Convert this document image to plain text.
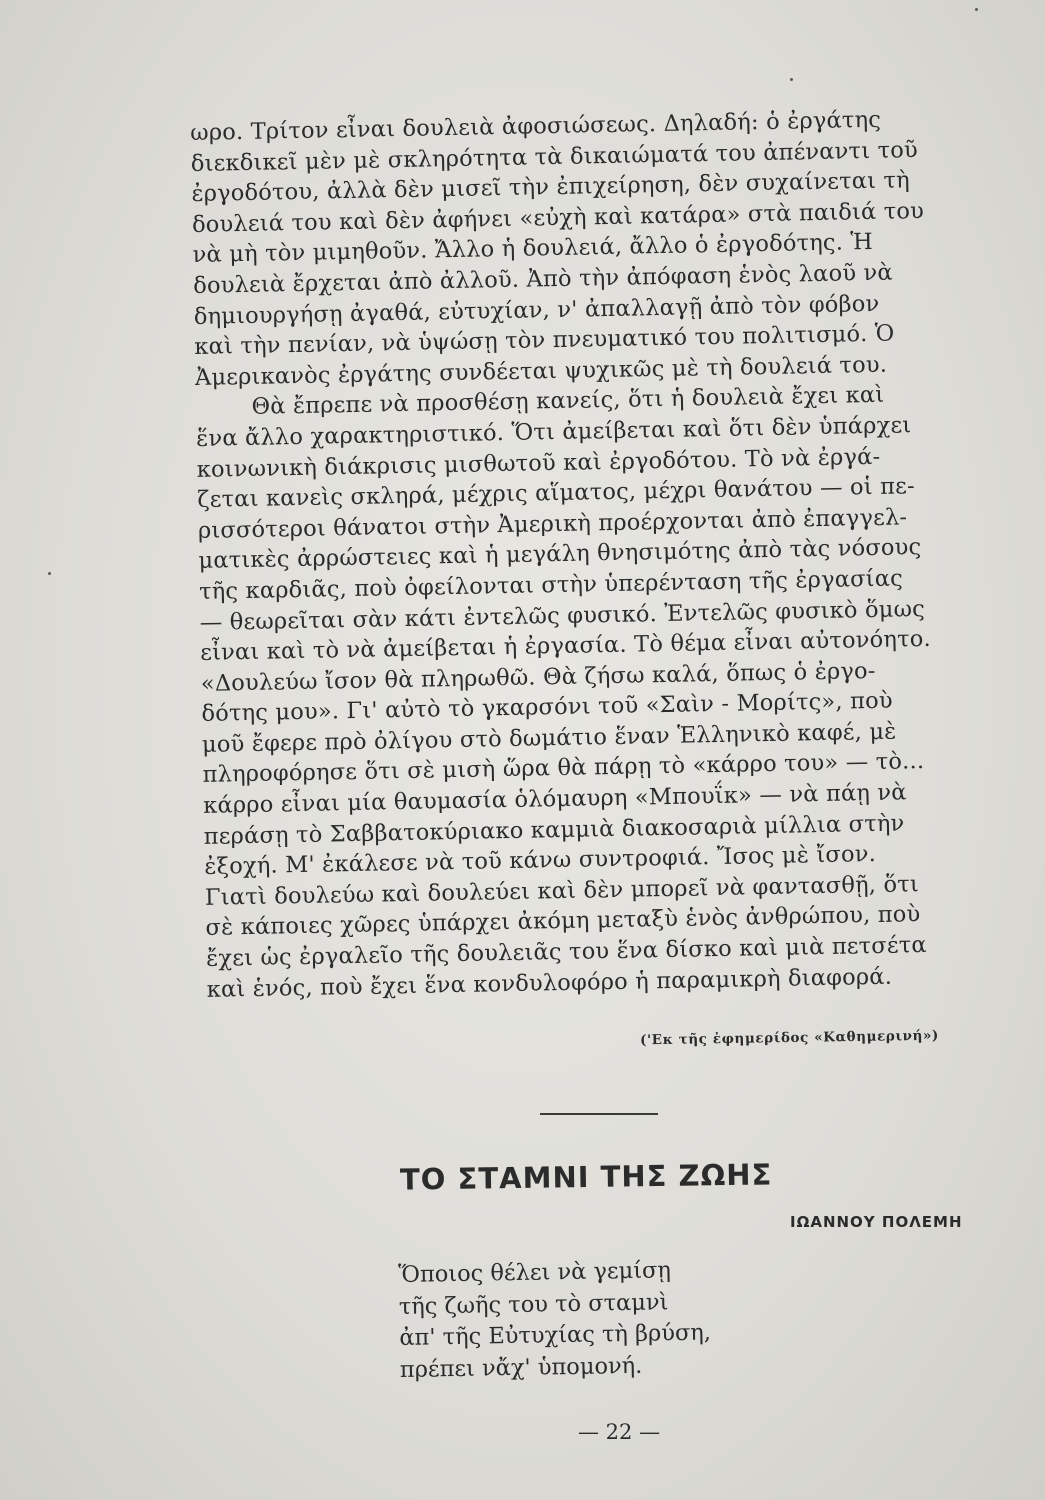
ωρο. Τρίτον εἶναι δουλειὰ ἀφοσιώσεως. Δηλαδή: ὁ ἐργάτης
διεκδικεῖ μὲν μὲ σκληρότητα τὰ δικαιώματά του ἀπέναντι τοῦ
ἐργοδότου, ἀλλὰ δὲν μισεῖ τὴν ἐπιχείρηση, δὲν συχαίνεται τὴ
δουλειά του καὶ δὲν ἀφήνει «εὐχὴ καὶ κατάρα» στὰ παιδιά του
νὰ μὴ τὸν μιμηθοῦν. Ἄλλο ἡ δουλειά, ἄλλο ὁ ἐργοδότης. Ἡ
δουλειὰ ἔρχεται ἀπὸ ἀλλοῦ. Ἀπὸ τὴν ἀπόφαση ἑνὸς λαοῦ νὰ
δημιουργήσῃ ἀγαθά, εὐτυχίαν, ν' ἀπαλλαγῇ ἀπὸ τὸν φόβον
καὶ τὴν πενίαν, νὰ ὑψώσῃ τὸν πνευματικό του πολιτισμό. Ὁ
Ἀμερικανὸς ἐργάτης συνδέεται ψυχικῶς μὲ τὴ δουλειά του.
Θὰ ἔπρεπε νὰ προσθέσῃ κανείς, ὅτι ἡ δουλειὰ ἔχει καὶ
ἕνα ἄλλο χαρακτηριστικό. Ὅτι ἀμείβεται καὶ ὅτι δὲν ὑπάρχει
κοινωνικὴ διάκρισις μισθωτοῦ καὶ ἐργοδότου. Τὸ νὰ ἐργά-
ζεται κανεὶς σκληρά, μέχρις αἵματος, μέχρι θανάτου — οἱ πε-
ρισσότεροι θάνατοι στὴν Ἀμερικὴ προέρχονται ἀπὸ ἐπαγγελ-
ματικὲς ἀρρώστειες καὶ ἡ μεγάλη θνησιμότης ἀπὸ τὰς νόσους
τῆς καρδιᾶς, ποὺ ὀφείλονται στὴν ὑπερένταση τῆς ἐργασίας
— θεωρεῖται σὰν κάτι ἐντελῶς φυσικό. Ἐντελῶς φυσικὸ ὅμως
εἶναι καὶ τὸ νὰ ἀμείβεται ἡ ἐργασία. Τὸ θέμα εἶναι αὐτονόητο.
«Δουλεύω ἴσον θὰ πληρωθῶ. Θὰ ζήσω καλά, ὅπως ὁ ἐργο-
δότης μου». Γι' αὐτὸ τὸ γκαρσόνι τοῦ «Σαὶν - Μορίτς», ποὺ
μοῦ ἔφερε πρὸ ὀλίγου στὸ δωμάτιο ἕναν Ἑλληνικὸ καφέ, μὲ
πληροφόρησε ὅτι σὲ μισὴ ὥρα θὰ πάρῃ τὸ «κάρρο του» — τὸ...
κάρρο εἶναι μία θαυμασία ὁλόμαυρη «Μπουΐκ» — νὰ πάῃ νὰ
περάσῃ τὸ Σαββατοκύριακο καμμιὰ διακοσαριὰ μίλλια στὴν
ἐξοχή. Μ' ἐκάλεσε νὰ τοῦ κάνω συντροφιά. Ἴσος μὲ ἴσον.
Γιατὶ δουλεύω καὶ δουλεύει καὶ δὲν μπορεῖ νὰ φαντασθῇ, ὅτι
σὲ κάποιες χῶρες ὑπάρχει ἀκόμη μεταξὺ ἑνὸς ἀνθρώπου, ποὺ
ἔχει ὡς ἐργαλεῖο τῆς δουλειᾶς του ἕνα δίσκο καὶ μιὰ πετσέτα
καὶ ἑνός, ποὺ ἔχει ἕνα κονδυλοφόρο ἡ παραμικρὴ διαφορά.
('Εκ τῆς ἐφημερίδος «Καθημερινή»)
ΤΟ ΣΤΑΜΝΙ ΤΗΣ ΖΩΗΣ
ΙΩΑΝΝΟΥ ΠΟΛΕΜΗ
Ὅποιος θέλει νὰ γεμίσῃ
τῆς ζωῆς του τὸ σταμνὶ
ἀπ' τῆς Εὐτυχίας τὴ βρύση,
πρέπει νἄχ' ὑπομονή.
— 22 —
